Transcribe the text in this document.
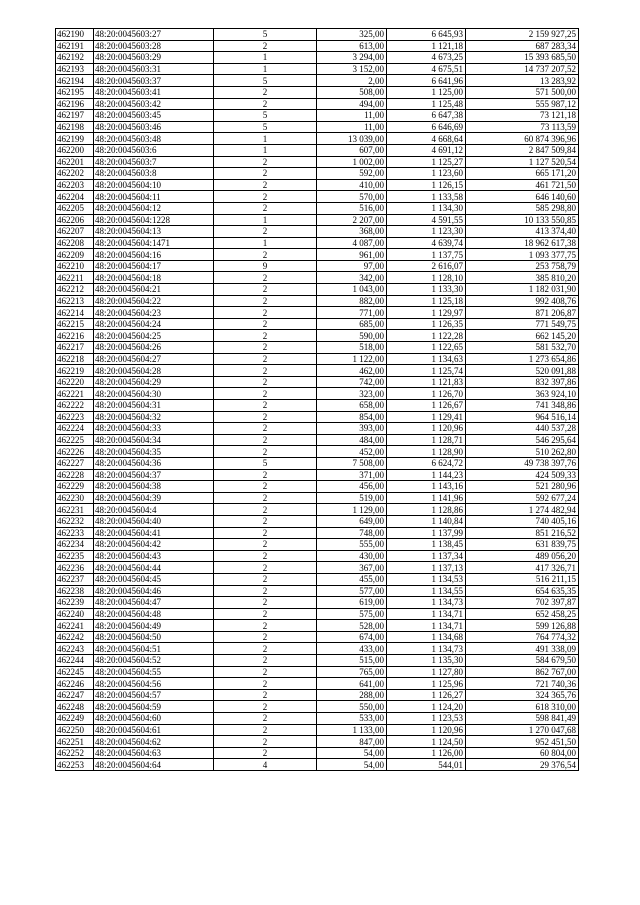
462190	48:20:0045603:27	5	325,00	6 645,93	2 159 927,25
462191	48:20:0045603:28	2	613,00	1 121,18	687 283,34
462192	48:20:0045603:29	1	3 294,00	4 673,25	15 393 685,50
462193	48:20:0045603:31	1	3 152,00	4 675,51	14 737 207,52
462194	48:20:0045603:37	5	2,00	6 641,96	13 283,92
462195	48:20:0045603:41	2	508,00	1 125,00	571 500,00
462196	48:20:0045603:42	2	494,00	1 125,48	555 987,12
462197	48:20:0045603:45	5	11,00	6 647,38	73 121,18
462198	48:20:0045603:46	5	11,00	6 646,69	73 113,59
462199	48:20:0045603:48	1	13 039,00	4 668,64	60 874 396,96
462200	48:20:0045603:6	1	607,00	4 691,12	2 847 509,84
462201	48:20:0045603:7	2	1 002,00	1 125,27	1 127 520,54
462202	48:20:0045603:8	2	592,00	1 123,60	665 171,20
462203	48:20:0045604:10	2	410,00	1 126,15	461 721,50
462204	48:20:0045604:11	2	570,00	1 133,58	646 140,60
462205	48:20:0045604:12	2	516,00	1 134,30	585 298,80
462206	48:20:0045604:1228	1	2 207,00	4 591,55	10 133 550,85
462207	48:20:0045604:13	2	368,00	1 123,30	413 374,40
462208	48:20:0045604:1471	1	4 087,00	4 639,74	18 962 617,38
462209	48:20:0045604:16	2	961,00	1 137,75	1 093 377,75
462210	48:20:0045604:17	9	97,00	2 616,07	253 758,79
462211	48:20:0045604:18	2	342,00	1 128,10	385 810,20
462212	48:20:0045604:21	2	1 043,00	1 133,30	1 182 031,90
462213	48:20:0045604:22	2	882,00	1 125,18	992 408,76
462214	48:20:0045604:23	2	771,00	1 129,97	871 206,87
462215	48:20:0045604:24	2	685,00	1 126,35	771 549,75
462216	48:20:0045604:25	2	590,00	1 122,28	662 145,20
462217	48:20:0045604:26	2	518,00	1 122,65	581 532,70
462218	48:20:0045604:27	2	1 122,00	1 134,63	1 273 654,86
462219	48:20:0045604:28	2	462,00	1 125,74	520 091,88
462220	48:20:0045604:29	2	742,00	1 121,83	832 397,86
462221	48:20:0045604:30	2	323,00	1 126,70	363 924,10
462222	48:20:0045604:31	2	658,00	1 126,67	741 348,86
462223	48:20:0045604:32	2	854,00	1 129,41	964 516,14
462224	48:20:0045604:33	2	393,00	1 120,96	440 537,28
462225	48:20:0045604:34	2	484,00	1 128,71	546 295,64
462226	48:20:0045604:35	2	452,00	1 128,90	510 262,80
462227	48:20:0045604:36	5	7 508,00	6 624,72	49 738 397,76
462228	48:20:0045604:37	2	371,00	1 144,23	424 509,33
462229	48:20:0045604:38	2	456,00	1 143,16	521 280,96
462230	48:20:0045604:39	2	519,00	1 141,96	592 677,24
462231	48:20:0045604:4	2	1 129,00	1 128,86	1 274 482,94
462232	48:20:0045604:40	2	649,00	1 140,84	740 405,16
462233	48:20:0045604:41	2	748,00	1 137,99	851 216,52
462234	48:20:0045604:42	2	555,00	1 138,45	631 839,75
462235	48:20:0045604:43	2	430,00	1 137,34	489 056,20
462236	48:20:0045604:44	2	367,00	1 137,13	417 326,71
462237	48:20:0045604:45	2	455,00	1 134,53	516 211,15
462238	48:20:0045604:46	2	577,00	1 134,55	654 635,35
462239	48:20:0045604:47	2	619,00	1 134,73	702 397,87
462240	48:20:0045604:48	2	575,00	1 134,71	652 458,25
462241	48:20:0045604:49	2	528,00	1 134,71	599 126,88
462242	48:20:0045604:50	2	674,00	1 134,68	764 774,32
462243	48:20:0045604:51	2	433,00	1 134,73	491 338,09
462244	48:20:0045604:52	2	515,00	1 135,30	584 679,50
462245	48:20:0045604:55	2	765,00	1 127,80	862 767,00
462246	48:20:0045604:56	2	641,00	1 125,96	721 740,36
462247	48:20:0045604:57	2	288,00	1 126,27	324 365,76
462248	48:20:0045604:59	2	550,00	1 124,20	618 310,00
462249	48:20:0045604:60	2	533,00	1 123,53	598 841,49
462250	48:20:0045604:61	2	1 133,00	1 120,96	1 270 047,68
462251	48:20:0045604:62	2	847,00	1 124,50	952 451,50
462252	48:20:0045604:63	2	54,00	1 126,00	60 804,00
462253	48:20:0045604:64	4	54,00	544,01	29 376,54
